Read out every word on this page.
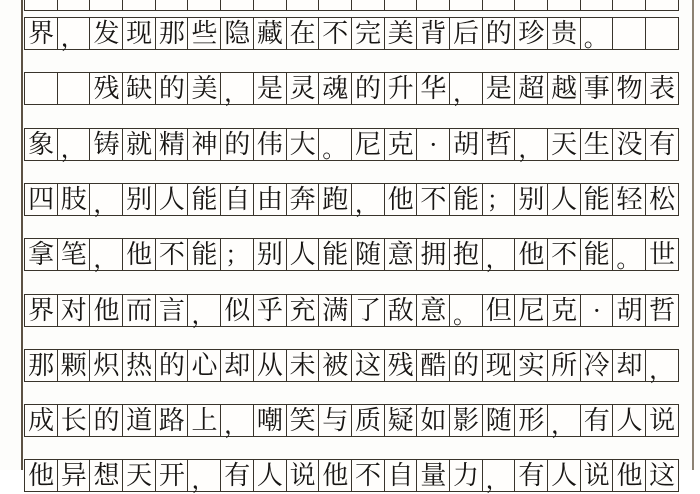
界 ， 发 现 那 些 隐 藏 在 不 完 美 背 后 的 珍 贵 。
残 缺 的 美 ， 是 灵 魂 的 升 华 ， 是 超 越 事 物 表
象 ， 铸 就 精 神 的 伟 大 。 尼 克 · 胡 哲 ， 天 生 没 有
四 肢 ， 别 人 能 自 由 奔 跑 ， 他 不 能 ； 别 人 能 轻 松
拿 笔 ， 他 不 能 ； 别 人 能 随 意 拥 抱 ， 他 不 能 。 世
界 对 他 而 言 ， 似 乎 充 满 了 敌 意 。 但 尼 克 · 胡 哲
那 颗 炽 热 的 心 却 从 未 被 这 残 酷 的 现 实 所 冷 却 ，
成 长 的 道 路 上 ， 嘲 笑 与 质 疑 如 影 随 形 ， 有 人 说
他 异 想 天 开 ， 有 人 说 他 不 自 量 力 ， 有 人 说 他 这
